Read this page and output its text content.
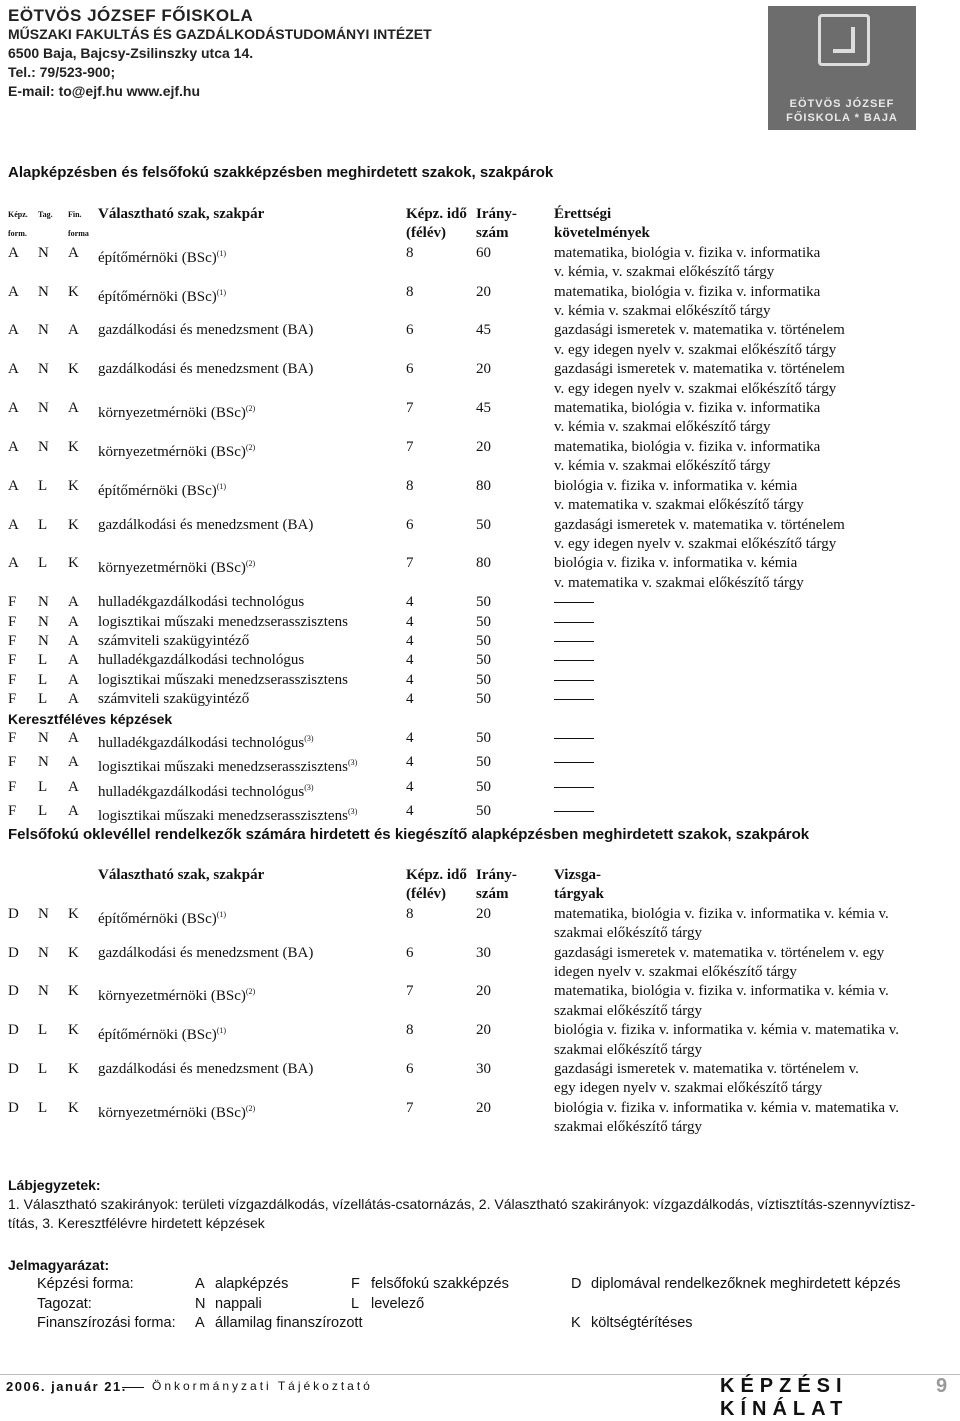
EÖTVÖS JÓZSEF FŐISKOLA
MŰSZAKI FAKULTÁS ÉS GAZDÁLKODÁSTUDOMÁNYI INTÉZET
6500 Baja, Bajcsy-Zsilinszky utca 14.
Tel.: 79/523-900;
E-mail: to@ejf.hu www.ejf.hu
EÖTVÖS JÓZSEF
FŐISKOLA * BAJA
Alapképzésben és felsőfokú szakképzésben meghirdetett szakok, szakpárok
Képz.	Tag.	Fin.	Választható szak, szakpár	Képz. idő	Irány-	Érettségi
form.		forma		(félév)	szám	követelmények
A	N	A	építőmérnöki (BSc)$^{(1)}$	8	60	matematika, biológia v. fizika v. informatika
v. kémia, v. szakmai előkészítő tárgy

A	N	K	építőmérnöki (BSc)$^{(1)}$	8	20	matematika, biológia v. fizika v. informatika
v. kémia v. szakmai előkészítő tárgy

A	N	A	gazdálkodási és menedzsment (BA)	6	45	gazdasági ismeretek v. matematika v. történelem
v. egy idegen nyelv v. szakmai előkészítő tárgy

A	N	K	gazdálkodási és menedzsment (BA)	6	20	gazdasági ismeretek v. matematika v. történelem
v. egy idegen nyelv v. szakmai előkészítő tárgy

A	N	A	környezetmérnöki (BSc)$^{(2)}$	7	45	matematika, biológia v. fizika v. informatika
v. kémia v. szakmai előkészítő tárgy

A	N	K	környezetmérnöki (BSc)$^{(2)}$	7	20	matematika, biológia v. fizika v. informatika
v. kémia v. szakmai előkészítő tárgy

A	L	K	építőmérnöki (BSc)$^{(1)}$	8	80	biológia v. fizika v. informatika v. kémia
v. matematika v. szakmai előkészítő tárgy

A	L	K	gazdálkodási és menedzsment (BA)	6	50	gazdasági ismeretek v. matematika v. történelem
v. egy idegen nyelv v. szakmai előkészítő tárgy

A	L	K	környezetmérnöki (BSc)$^{(2)}$	7	80	biológia v. fizika v. informatika v. kémia
v. matematika v. szakmai előkészítő tárgy

F	N	A	hulladékgazdálkodási technológus	4	50	
F	N	A	logisztikai műszaki menedzserasszisztens	4	50	
F	N	A	számviteli szakügyintéző	4	50	
F	L	A	hulladékgazdálkodási technológus	4	50	
F	L	A	logisztikai műszaki menedzserasszisztens	4	50	
F	L	A	számviteli szakügyintéző	4	50	
Keresztféléves képzések						
F	N	A	hulladékgazdálkodási technológus$^{(3)}$	4	50	
F	N	A	logisztikai műszaki menedzserasszisztens$^{(3)}$	4	50	
F	L	A	hulladékgazdálkodási technológus$^{(3)}$	4	50	
F	L	A	logisztikai műszaki menedzserasszisztens$^{(3)}$	4	50	
Felsőfokú oklevéllel rendelkezők számára hirdetett és kiegészítő alapképzésben meghirdetett szakok, szakpárok
			Választható szak, szakpár	Képz. idő	Irány-	Vizsga-
				(félév)	szám	tárgyak
D	N	K	építőmérnöki (BSc)$^{(1)}$	8	20	matematika, biológia v. fizika v. informatika v. kémia v.
szakmai előkészítő tárgy

D	N	K	gazdálkodási és menedzsment (BA)	6	30	gazdasági ismeretek v. matematika v. történelem v. egy
idegen nyelv v. szakmai előkészítő tárgy

D	N	K	környezetmérnöki (BSc)$^{(2)}$	7	20	matematika, biológia v. fizika v. informatika v. kémia v.
szakmai előkészítő tárgy

D	L	K	építőmérnöki (BSc)$^{(1)}$	8	20	biológia v. fizika v. informatika v. kémia v. matematika v.
szakmai előkészítő tárgy

D	L	K	gazdálkodási és menedzsment (BA)	6	30	gazdasági ismeretek v. matematika v. történelem v.
egy idegen nyelv v. szakmai előkészítő tárgy

D	L	K	környezetmérnöki (BSc)$^{(2)}$	7	20	biológia v. fizika v. informatika v. kémia v. matematika v.
szakmai előkészítő tárgy
Lábjegyzetek:
1. Választható szakirányok: területi vízgazdálkodás, vízellátás-csatornázás, 2. Választható szakirányok: vízgazdálkodás, víztisztítás-szennyvíztisz-
títás, 3. Keresztfélévre hirdetett képzések
Jelmagyarázat:
Képzési forma:	A	alapképzés	F	felsőfokú szakképzés	D	diplomával rendelkezőknek meghirdetett képzés
Tagozat:	N	nappali	L	levelező		
Finanszírozási forma:	A	államilag finanszírozott			K	költségtérítéses
2006. január 21. Önkormányzati Tájékoztató	KÉPZÉSI KÍNÁLAT
9
